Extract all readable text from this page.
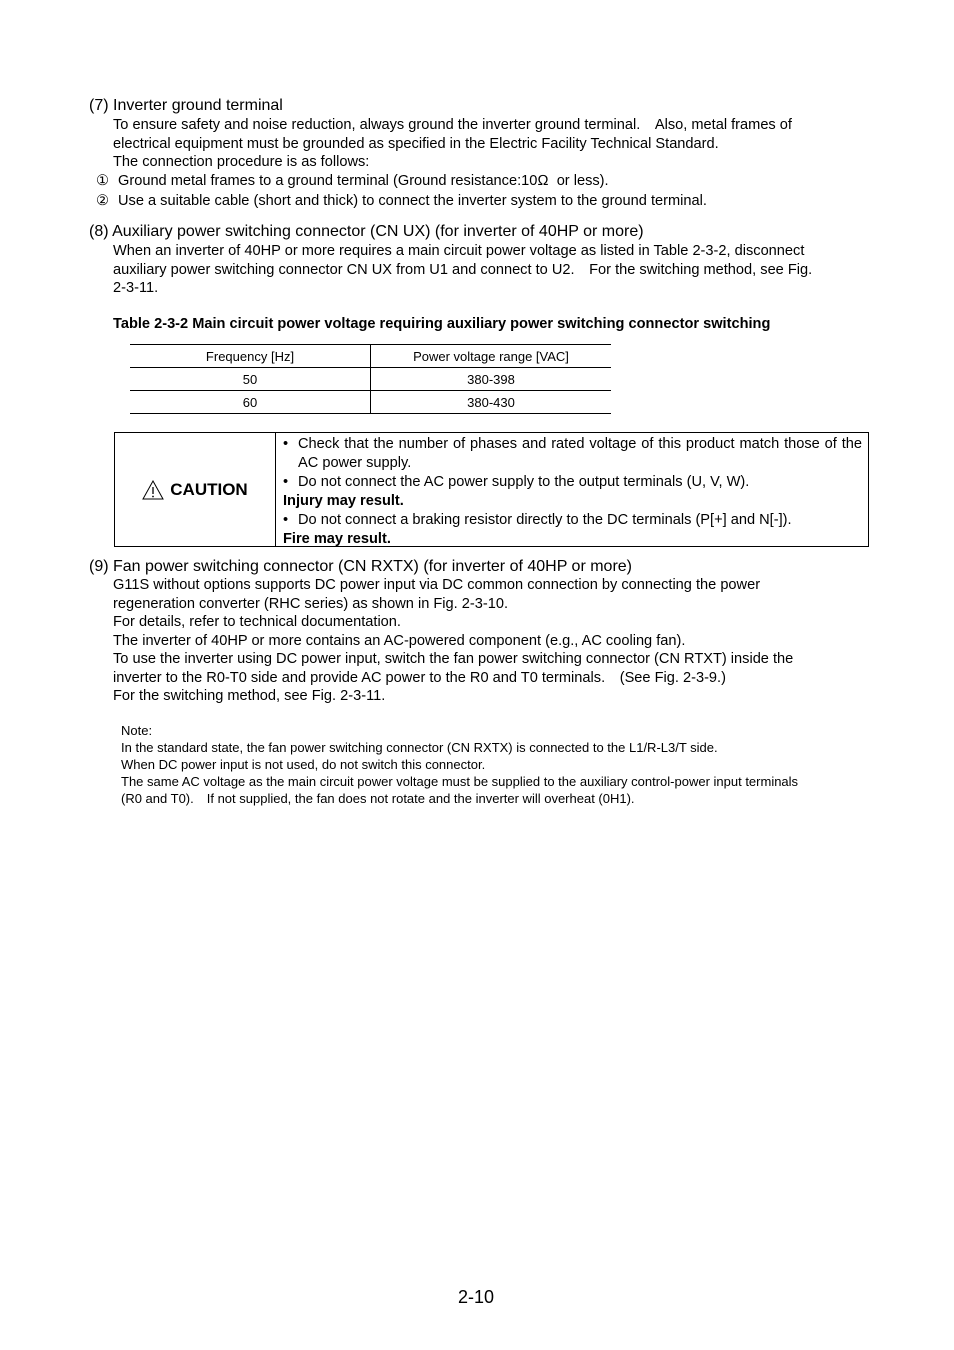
(7) Inverter ground terminal
To ensure safety and noise reduction, always ground the inverter ground terminal.　Also, metal frames of
electrical equipment must be grounded as specified in the Electric Facility Technical Standard.
The connection procedure is as follows:
① Ground metal frames to a ground terminal (Ground resistance:10Ω  or less).
② Use a suitable cable (short and thick) to connect the inverter system to the ground terminal.
(8) Auxiliary power switching connector (CN UX) (for inverter of 40HP or more)
When an inverter of 40HP or more requires a main circuit power voltage as listed in Table 2-3-2, disconnect
auxiliary power switching connector CN UX from U1 and connect to U2.　For the switching method, see Fig.
2-3-11.
Table 2-3-2 Main circuit power voltage requiring auxiliary power switching connector switching
Frequency [Hz]	Power voltage range [VAC]
50	380-398
60	380-430
CAUTION
• Check that the number of phases and rated voltage of this product match those of the AC power supply.
• Do not connect the AC power supply to the output terminals (U, V, W).
Injury may result.
• Do not connect a braking resistor directly to the DC terminals (P[+] and N[-]).
Fire may result.
(9) Fan power switching connector (CN RXTX) (for inverter of 40HP or more)
G11S without options supports DC power input via DC common connection by connecting the power
regeneration converter (RHC series) as shown in Fig. 2-3-10.
For details, refer to technical documentation.
The inverter of 40HP or more contains an AC-powered component (e.g., AC cooling fan).
To use the inverter using DC power input, switch the fan power switching connector (CN RTXT) inside the
inverter to the R0-T0 side and provide AC power to the R0 and T0 terminals.　(See Fig. 2-3-9.)
For the switching method, see Fig. 2-3-11.
Note:
In the standard state, the fan power switching connector (CN RXTX) is connected to the L1/R-L3/T side.
When DC power input is not used, do not switch this connector.
The same AC voltage as the main circuit power voltage must be supplied to the auxiliary control-power input terminals
(R0 and T0).　If not supplied, the fan does not rotate and the inverter will overheat (0H1).
2-10
